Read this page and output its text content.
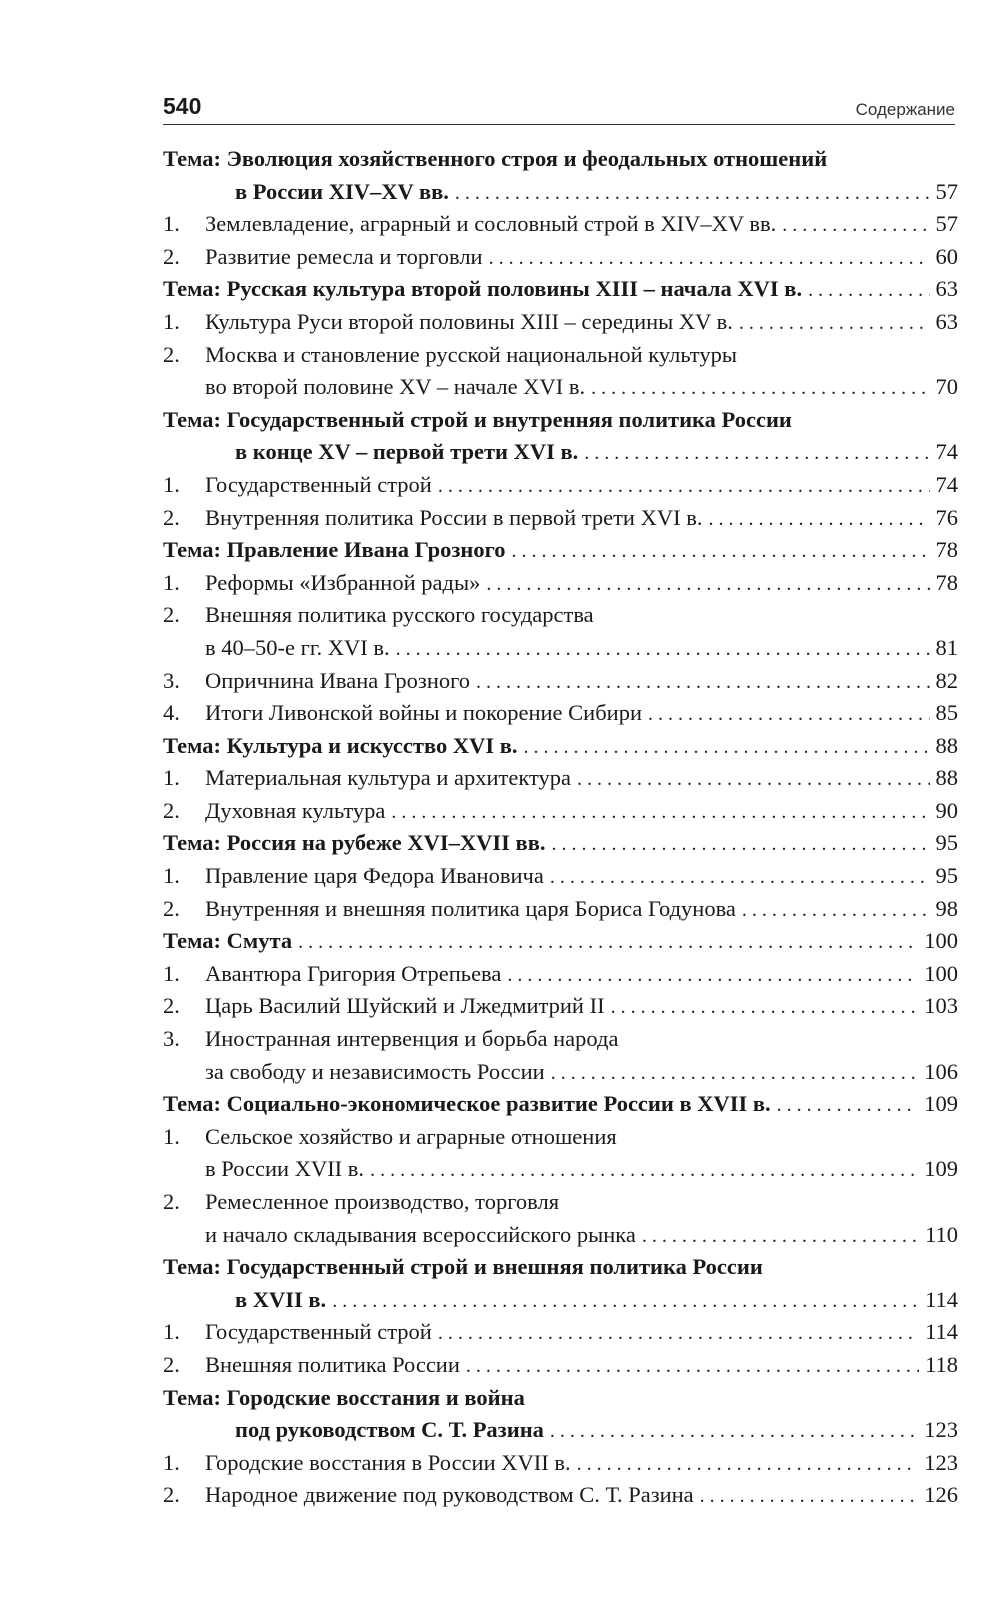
540	Содержание
Тема: Эволюция хозяйственного строя и феодальных отношений
в России XIV–XV вв. . . .	57
1.	Землевладение, аграрный и сословный строй в XIV–XV вв. . . .	57
2.	Развитие ремесла и торговли . . .	60
Тема: Русская культура второй половины XIII – начала XVI в. . . .	63
1.	Культура Руси второй половины XIII – середины XV в. . . .	63
2.	Москва и становление русской национальной культуры
во второй половине XV – начале XVI в. . . .	70
Тема: Государственный строй и внутренняя политика России
в конце XV – первой трети XVI в. . . .	74
1.	Государственный строй . . .	74
2.	Внутренняя политика России в первой трети XVI в. . . .	76
Тема: Правление Ивана Грозного . . .	78
1.	Реформы «Избранной рады» . . .	78
2.	Внешняя политика русского государства
в 40–50-е гг. XVI в. . . .	81
3.	Опричнина Ивана Грозного . . .	82
4.	Итоги Ливонской войны и покорение Сибири . . .	85
Тема: Культура и искусство XVI в. . . .	88
1.	Материальная культура и архитектура . . .	88
2.	Духовная культура . . .	90
Тема: Россия на рубеже XVI–XVII вв. . . .	95
1.	Правление царя Федора Ивановича . . .	95
2.	Внутренняя и внешняя политика царя Бориса Годунова . . .	98
Тема: Смута . . .	100
1.	Авантюра Григория Отрепьева . . .	100
2.	Царь Василий Шуйский и Лжедмитрий II . . .	103
3.	Иностранная интервенция и борьба народа
за свободу и независимость России . . .	106
Тема: Социально-экономическое развитие России в XVII в. . . .	109
1.	Сельское хозяйство и аграрные отношения
в России XVII в. . . .	109
2.	Ремесленное производство, торговля
и начало складывания всероссийского рынка . . .	110
Тема: Государственный строй и внешняя политика России
в XVII в. . . .	114
1.	Государственный строй . . .	114
2.	Внешняя политика России . . .	118
Тема: Городские восстания и война
под руководством С. Т. Разина . . .	123
1.	Городские восстания в России XVII в. . . .	123
2.	Народное движение под руководством С. Т. Разина . . .	126
